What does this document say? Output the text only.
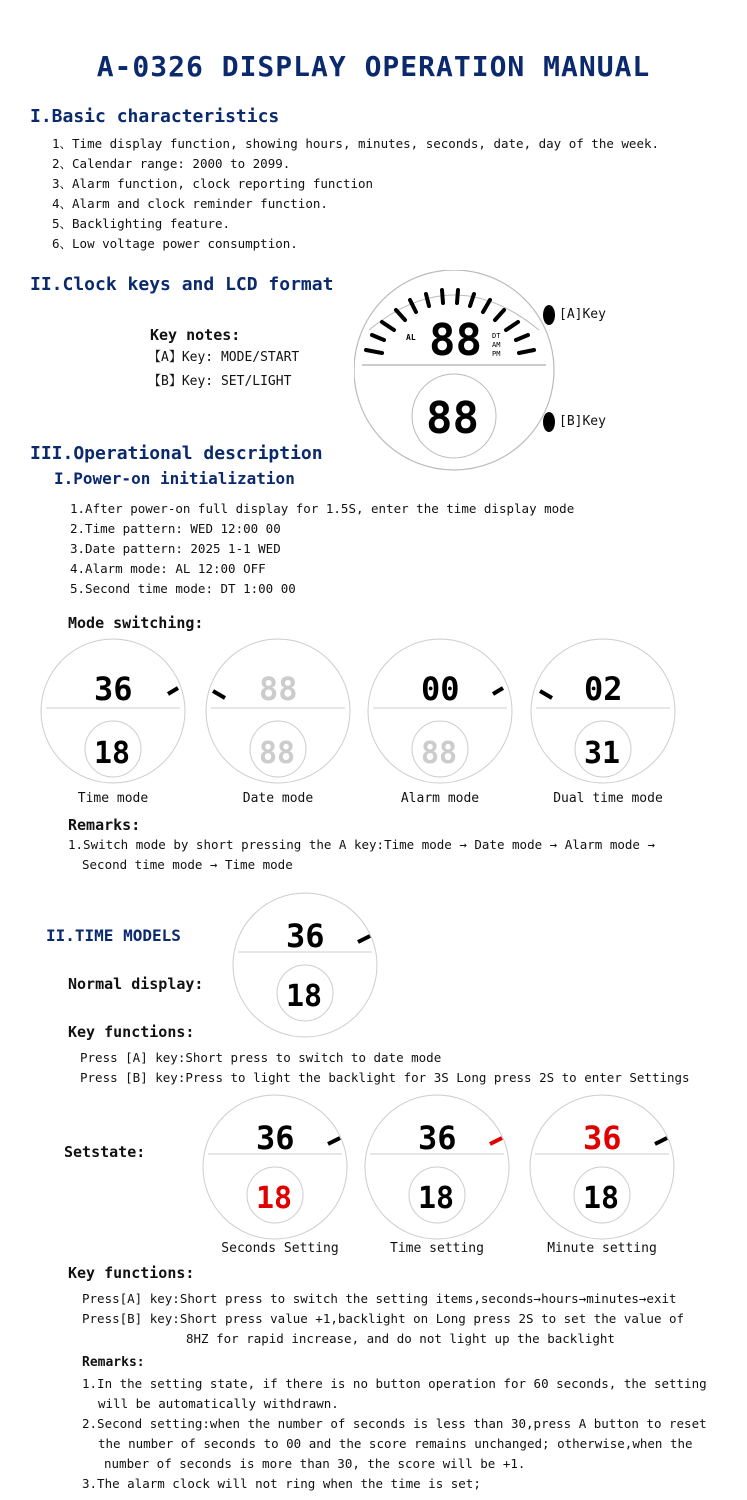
A-0326 DISPLAY OPERATION MANUAL
I.Basic characteristics
1、Time display function, showing hours, minutes, seconds, date, day of the week.
2、Calendar range: 2000 to 2099.
3、Alarm function, clock reporting function
4、Alarm and clock reminder function.
5、Backlighting feature.
6、Low voltage power consumption.
II.Clock keys and LCD format
Key notes:
【A】Key: MODE/START
【B】Key: SET/LIGHT
88
AL	DT
AM
PM
88
[A]Key
[B]Key
III.Operational description
I.Power-on initialization
1.After power-on full display for 1.5S, enter the time display mode
2.Time pattern: WED 12:00 00
3.Date pattern: 2025 1-1 WED
4.Alarm mode: AL 12:00 OFF
5.Second time mode: DT 1:00 00
Mode switching:
36
18
88
88
00
88
02
31
Time mode	Date mode	Alarm mode	Dual time mode
Remarks:
1.Switch mode by short pressing the A key:Time mode → Date mode → Alarm mode →
Second time mode → Time mode
II.TIME MODELS	36
18
Normal display:
Key functions:
Press [A] key:Short press to switch to date mode
Press [B] key:Press to light the backlight for 3S Long press 2S to enter Settings
Setstate:	36
18
36
18
36
18
Seconds Setting	Time setting	Minute setting
Key functions:
Press[A] key:Short press to switch the setting items,seconds→hours→minutes→exit
Press[B] key:Short press value +1,backlight on Long press 2S to set the value of
8HZ for rapid increase, and do not light up the backlight
Remarks:
1.In the setting state, if there is no button operation for 60 seconds, the setting
will be automatically withdrawn.
2.Second setting:when the number of seconds is less than 30,press A button to reset
the number of seconds to 00 and the score remains unchanged; otherwise,when the
number of seconds is more than 30, the score will be +1.
3.The alarm clock will not ring when the time is set;
